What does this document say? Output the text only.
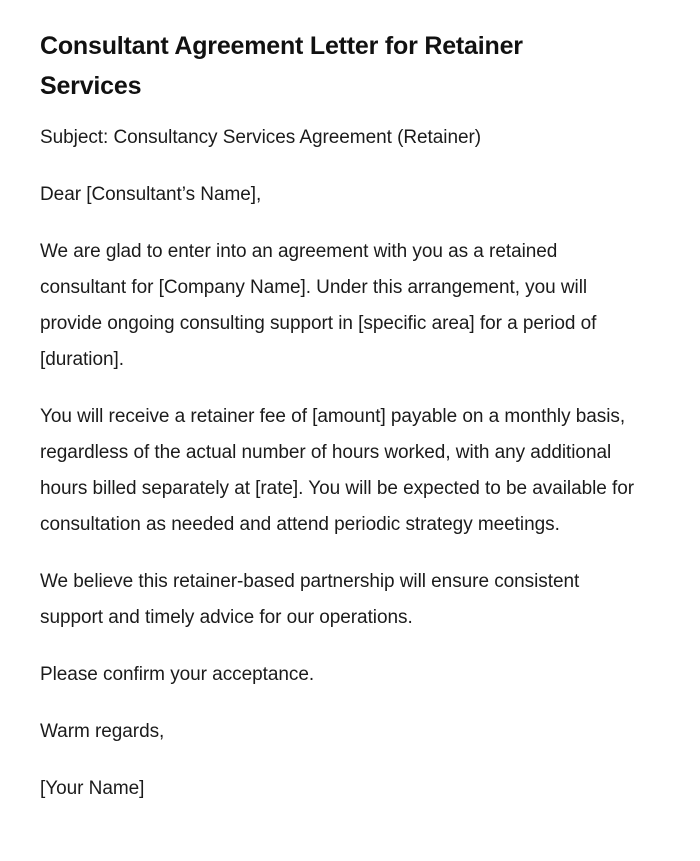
Consultant Agreement Letter for Retainer Services

Subject: Consultancy Services Agreement (Retainer)

Dear [Consultant’s Name],

We are glad to enter into an agreement with you as a retained consultant for [Company Name]. Under this arrangement, you will provide ongoing consulting support in [specific area] for a period of [duration].

You will receive a retainer fee of [amount] payable on a monthly basis, regardless of the actual number of hours worked, with any additional hours billed separately at [rate]. You will be expected to be available for consultation as needed and attend periodic strategy meetings.

We believe this retainer-based partnership will ensure consistent support and timely advice for our operations.

Please confirm your acceptance.

Warm regards,

[Your Name]
